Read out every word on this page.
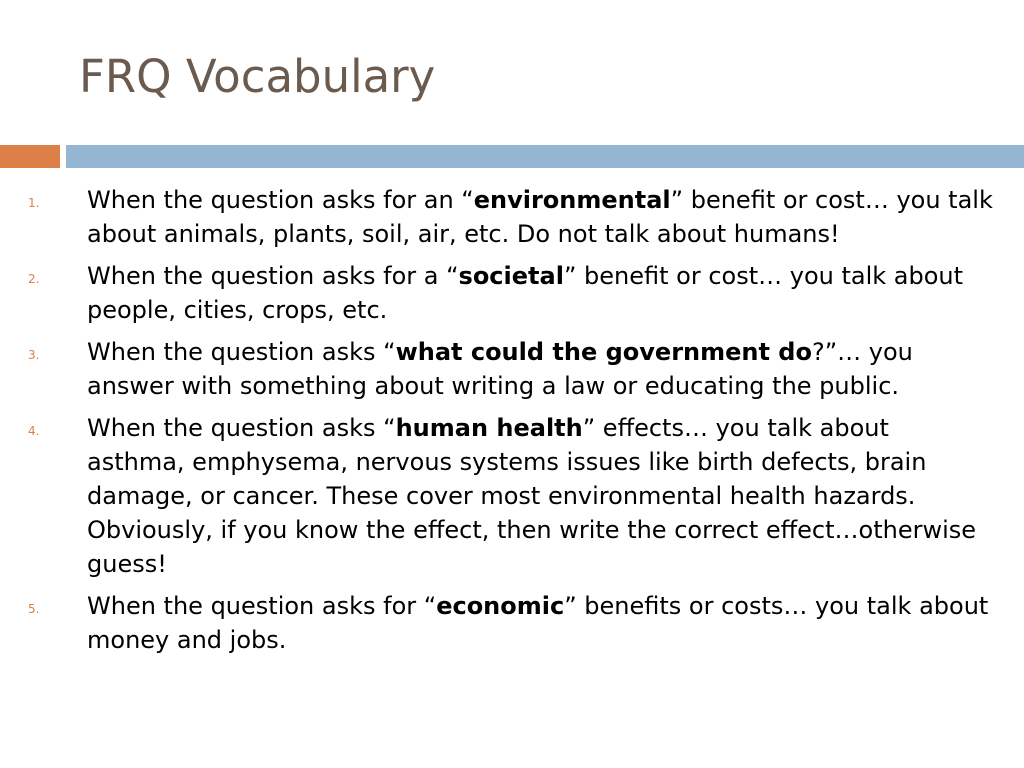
FRQ Vocabulary
1. When the question asks for an “environmental” benefit or cost… you talk about animals, plants, soil, air, etc. Do not talk about humans!
2. When the question asks for a “societal” benefit or cost… you talk about people, cities, crops, etc.
3. When the question asks “what could the government do?”… you answer with something about writing a law or educating the public.
4. When the question asks “human health” effects… you talk about asthma, emphysema, nervous systems issues like birth defects, brain damage, or cancer. These cover most environmental health hazards. Obviously, if you know the effect, then write the correct effect…otherwise guess!
5. When the question asks for “economic” benefits or costs… you talk about money and jobs.
